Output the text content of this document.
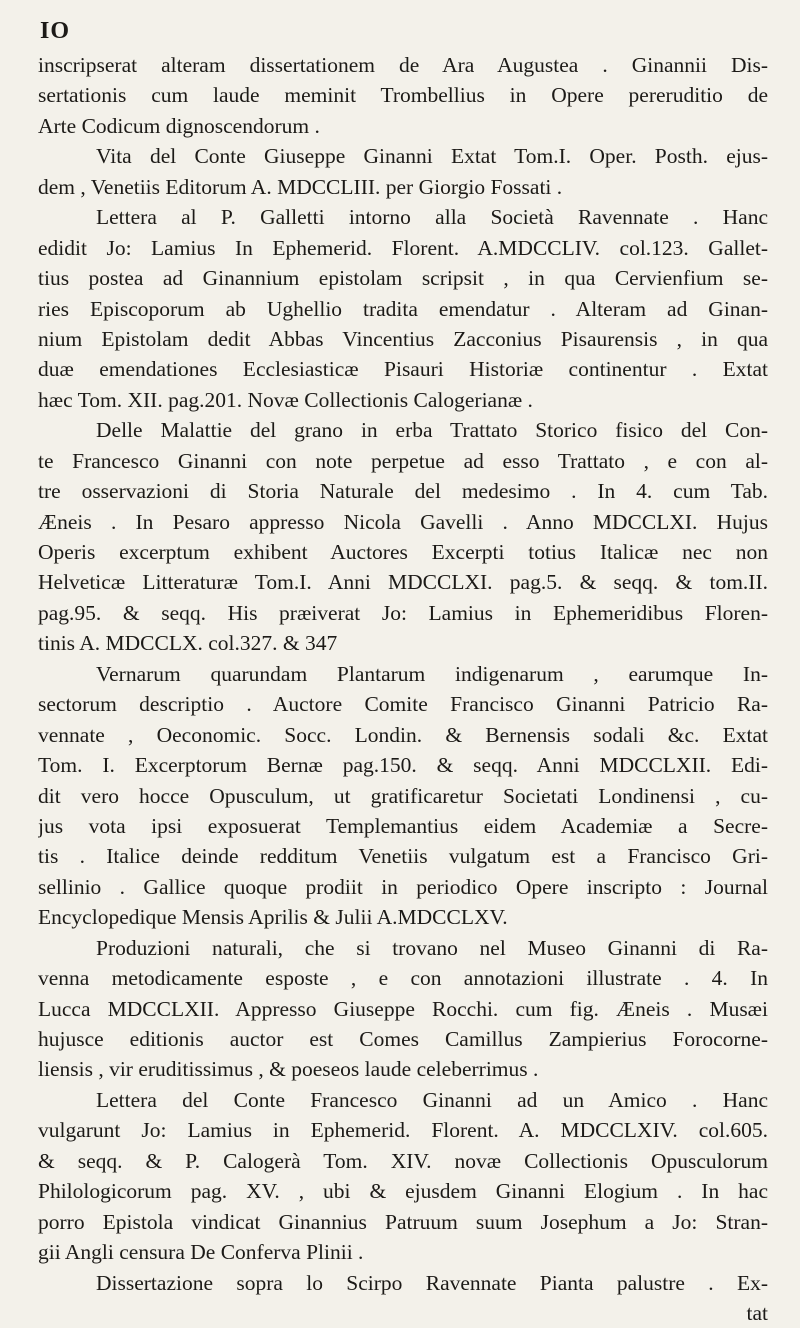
IO
inscripserat alteram dissertationem de Ara Augustea . Ginannii Dis-
sertationis cum laude meminit Trombellius in Opere pereruditio de
Arte Codicum dignoscendorum .
Vita del Conte Giuseppe Ginanni Extat Tom.I. Oper. Posth. ejus-
dem , Venetiis Editorum A. MDCCLIII. per Giorgio Fossati .
Lettera al P. Galletti intorno alla Società Ravennate . Hanc
edidit Jo: Lamius In Ephemerid. Florent. A.MDCCLIV. col.123. Gallet-
tius postea ad Ginannium epistolam scripsit , in qua Cervienfium se-
ries Episcoporum ab Ughellio tradita emendatur . Alteram ad Ginan-
nium Epistolam dedit Abbas Vincentius Zacconius Pisaurensis , in qua
duæ emendationes Ecclesiasticæ Pisauri Historiæ continentur . Extat
hæc Tom. XII. pag.201. Novæ Collectionis Calogerianæ .
Delle Malattie del grano in erba Trattato Storico fisico del Con-
te Francesco Ginanni con note perpetue ad esso Trattato , e con al-
tre osservazioni di Storia Naturale del medesimo . In 4. cum Tab.
Æneis . In Pesaro appresso Nicola Gavelli . Anno MDCCLXI. Hujus
Operis excerptum exhibent Auctores Excerpti totius Italicæ nec non
Helveticæ Litteraturæ Tom.I. Anni MDCCLXI. pag.5. & seqq. & tom.II.
pag.95. & seqq. His præiverat Jo: Lamius in Ephemeridibus Floren-
tinis A. MDCCLX. col.327. & 347
Vernarum quarundam Plantarum indigenarum , earumque In-
sectorum descriptio . Auctore Comite Francisco Ginanni Patricio Ra-
vennate , Oeconomic. Socc. Londin. & Bernensis sodali &c. Extat
Tom. I. Excerptorum Bernæ pag.150. & seqq. Anni MDCCLXII. Edi-
dit vero hocce Opusculum, ut gratificaretur Societati Londinensi , cu-
jus vota ipsi exposuerat Templemantius eidem Academiæ a Secre-
tis . Italice deinde redditum Venetiis vulgatum est a Francisco Gri-
sellinio . Gallice quoque prodiit in periodico Opere inscripto : Journal
Encyclopedique Mensis Aprilis & Julii A.MDCCLXV.
Produzioni naturali, che si trovano nel Museo Ginanni di Ra-
venna metodicamente esposte , e con annotazioni illustrate . 4. In
Lucca MDCCLXII. Appresso Giuseppe Rocchi. cum fig. Æneis . Musæi
hujusce editionis auctor est Comes Camillus Zampierius Forocorne-
liensis , vir eruditissimus , & poeseos laude celeberrimus .
Lettera del Conte Francesco Ginanni ad un Amico . Hanc
vulgarunt Jo: Lamius in Ephemerid. Florent. A. MDCCLXIV. col.605.
& seqq. & P. Calogerà Tom. XIV. novæ Collectionis Opusculorum
Philologicorum pag. XV. , ubi & ejusdem Ginanni Elogium . In hac
porro Epistola vindicat Ginannius Patruum suum Josephum a Jo: Stran-
gii Angli censura De Conferva Plinii .
Dissertazione sopra lo Scirpo Ravennate Pianta palustre . Ex-
tat
